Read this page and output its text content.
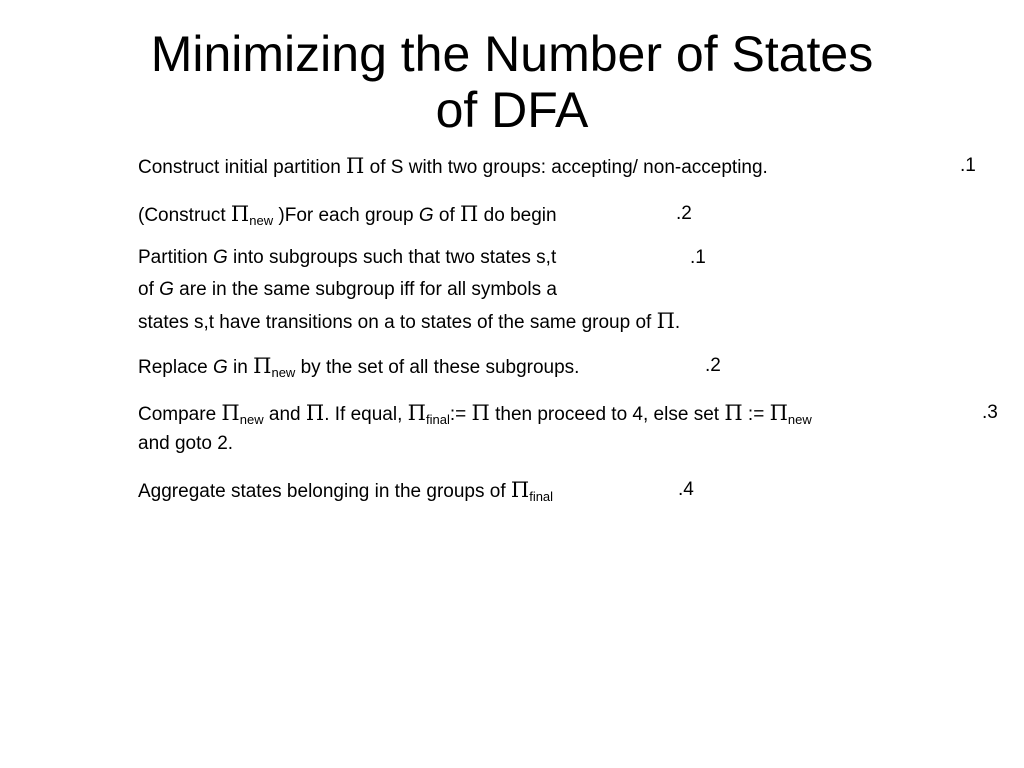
Minimizing the Number of States
of DFA
Construct initial partition Π of S with two groups: accepting/ non-accepting.	.1
(Construct $\Pi_{new}$ )For each group G of Π do begin	.2
Partition G into subgroups such that two states s,t	.1
of G are in the same subgroup iff for all symbols a
states s,t have transitions on a to states of the same group of Π.
Replace G in $\Pi_{new}$ by the set of all these subgroups.	.2
Compare $\Pi_{new}$ and Π. If equal, $\Pi_{final}:= \Pi$ then proceed to 4, else set Π := $\Pi_{new}$	.3
and goto 2.
Aggregate states belonging in the groups of $\Pi_{final}$	.4
